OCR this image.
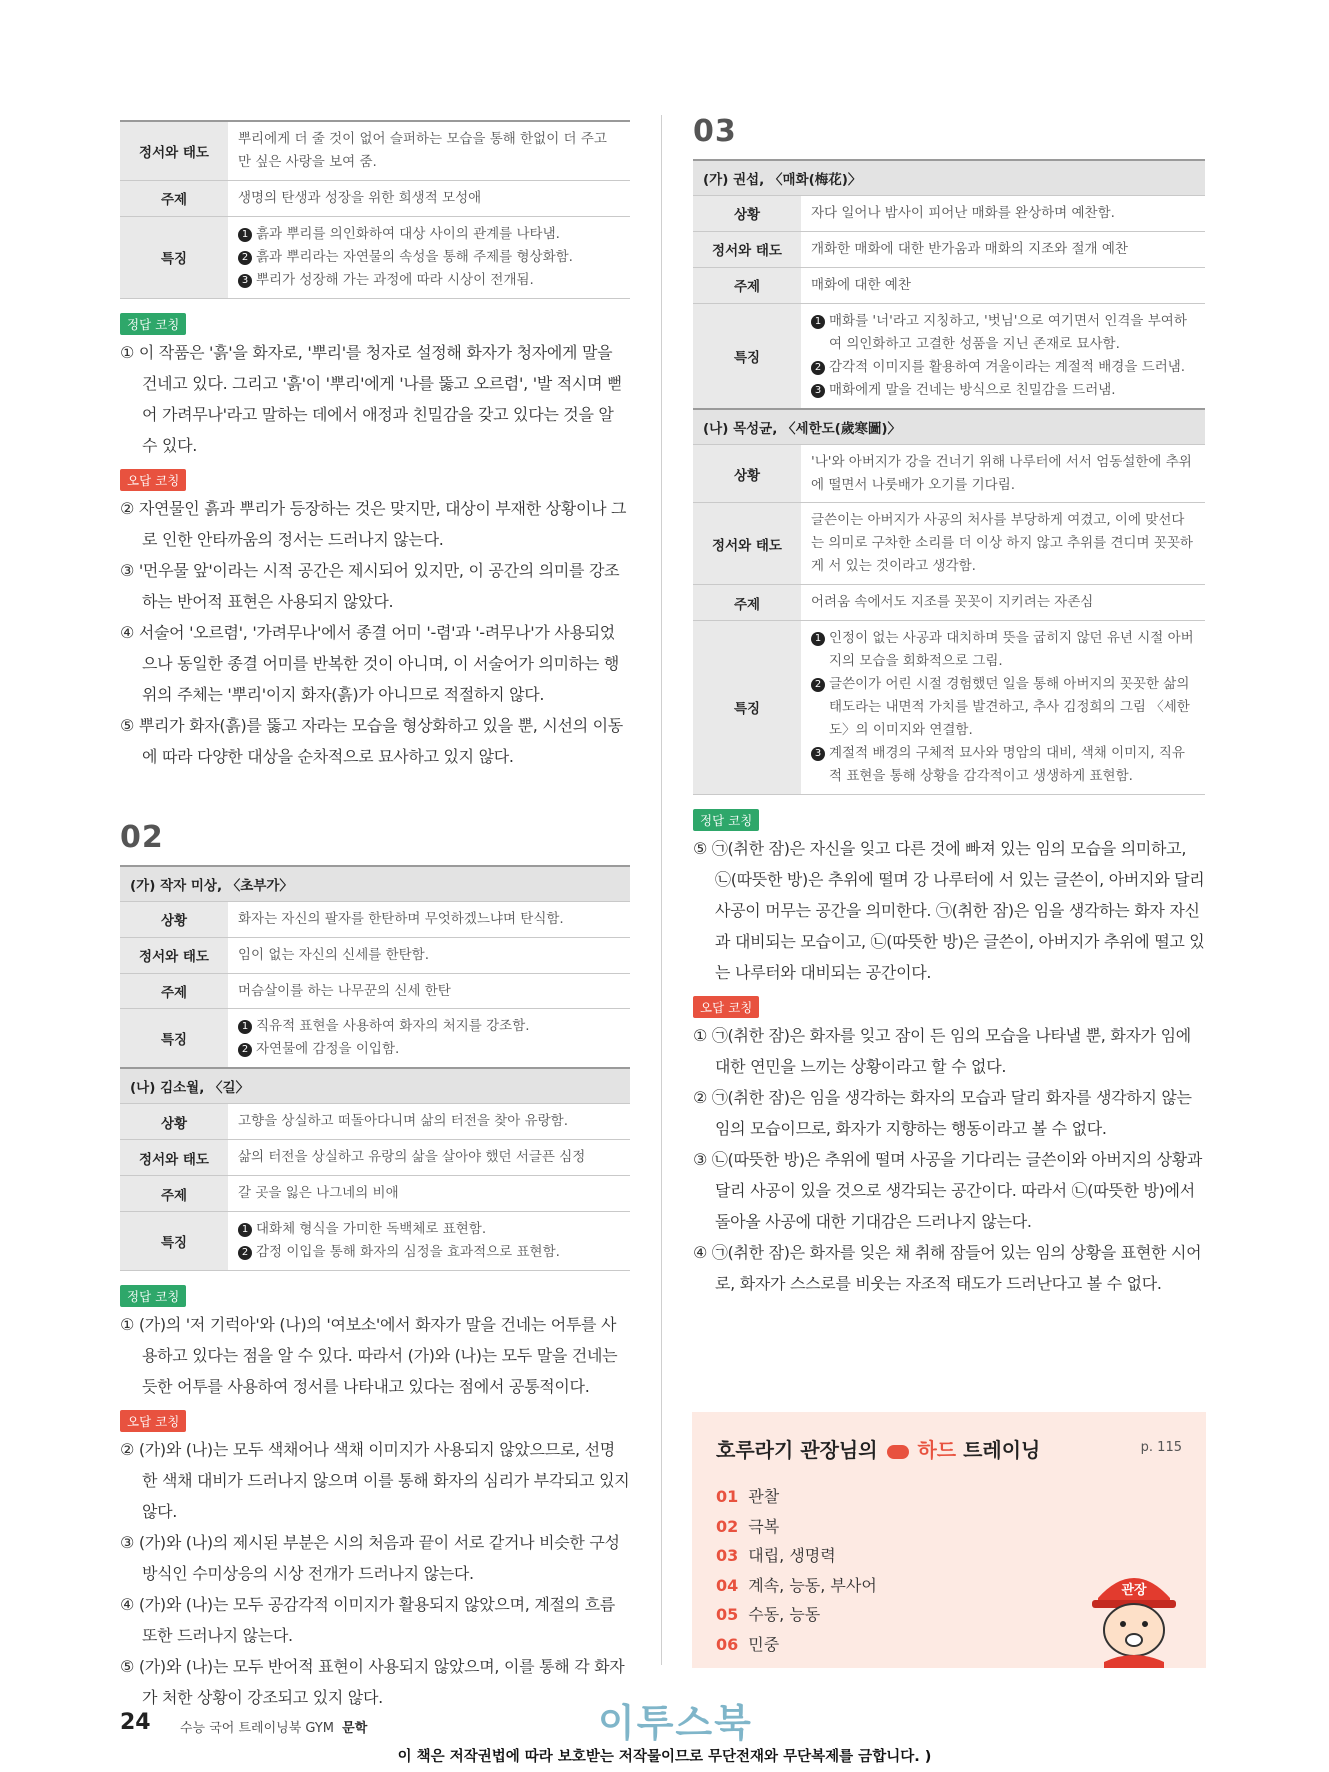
정서와 태도	뿌리에게 더 줄 것이 없어 슬퍼하는 모습을 통해 한없이 더 주고 만 싶은 사랑을 보여 줌.
주제	생명의 탄생과 성장을 위한 희생적 모성애
특징	1 흙과 뿌리를 의인화하여 대상 사이의 관계를 나타냄.
2 흙과 뿌리라는 자연물의 속성을 통해 주제를 형상화함.
3 뿌리가 성장해 가는 과정에 따라 시상이 전개됨.
정답 코칭
① 이 작품은 '흙'을 화자로, '뿌리'를 청자로 설정해 화자가 청자에게 말을 건네고 있다. 그리고 '흙'이 '뿌리'에게 '나를 뚫고 오르렴', '발 적시며 뻗어 가려무나'라고 말하는 데에서 애정과 친밀감을 갖고 있다는 것을 알 수 있다.
오답 코칭
② 자연물인 흙과 뿌리가 등장하는 것은 맞지만, 대상이 부재한 상황이나 그로 인한 안타까움의 정서는 드러나지 않는다.
③ '먼우물 앞'이라는 시적 공간은 제시되어 있지만, 이 공간의 의미를 강조하는 반어적 표현은 사용되지 않았다.
④ 서술어 '오르렴', '가려무나'에서 종결 어미 '-렴'과 '-려무나'가 사용되었으나 동일한 종결 어미를 반복한 것이 아니며, 이 서술어가 의미하는 행위의 주체는 '뿌리'이지 화자(흙)가 아니므로 적절하지 않다.
⑤ 뿌리가 화자(흙)를 뚫고 자라는 모습을 형상화하고 있을 뿐, 시선의 이동에 따라 다양한 대상을 순차적으로 묘사하고 있지 않다.
02
(가) 작자 미상, 〈초부가〉	
상황	화자는 자신의 팔자를 한탄하며 무엇하겠느냐며 탄식함.
정서와 태도	임이 없는 자신의 신세를 한탄함.
주제	머슴살이를 하는 나무꾼의 신세 한탄
특징	1 직유적 표현을 사용하여 화자의 처지를 강조함.
2 자연물에 감정을 이입함.

(나) 김소월, 〈길〉	
상황	고향을 상실하고 떠돌아다니며 삶의 터전을 찾아 유랑함.
정서와 태도	삶의 터전을 상실하고 유랑의 삶을 살아야 했던 서글픈 심정
주제	갈 곳을 잃은 나그네의 비애
특징	1 대화체 형식을 가미한 독백체로 표현함.
2 감정 이입을 통해 화자의 심정을 효과적으로 표현함.
정답 코칭
① (가)의 '저 기럭아'와 (나)의 '여보소'에서 화자가 말을 건네는 어투를 사용하고 있다는 점을 알 수 있다. 따라서 (가)와 (나)는 모두 말을 건네는 듯한 어투를 사용하여 정서를 나타내고 있다는 점에서 공통적이다.
오답 코칭
② (가)와 (나)는 모두 색채어나 색채 이미지가 사용되지 않았으므로, 선명한 색채 대비가 드러나지 않으며 이를 통해 화자의 심리가 부각되고 있지 않다.
③ (가)와 (나)의 제시된 부분은 시의 처음과 끝이 서로 같거나 비슷한 구성 방식인 수미상응의 시상 전개가 드러나지 않는다.
④ (가)와 (나)는 모두 공감각적 이미지가 활용되지 않았으며, 계절의 흐름 또한 드러나지 않는다.
⑤ (가)와 (나)는 모두 반어적 표현이 사용되지 않았으며, 이를 통해 각 화자가 처한 상황이 강조되고 있지 않다.
03
(가) 권섭, 〈매화(梅花)〉	
상황	자다 일어나 밤사이 피어난 매화를 완상하며 예찬함.
정서와 태도	개화한 매화에 대한 반가움과 매화의 지조와 절개 예찬
주제	매화에 대한 예찬
특징	1 매화를 '너'라고 지칭하고, '벗님'으로 여기면서 인격을 부여하여 의인화하고 고결한 성품을 지닌 존재로 묘사함.
2 감각적 이미지를 활용하여 겨울이라는 계절적 배경을 드러냄.
3 매화에게 말을 건네는 방식으로 친밀감을 드러냄.

(나) 목성균, 〈세한도(歲寒圖)〉	
상황	'나'와 아버지가 강을 건너기 위해 나루터에 서서 엄동설한에 추위에 떨면서 나룻배가 오기를 기다림.
정서와 태도	글쓴이는 아버지가 사공의 처사를 부당하게 여겼고, 이에 맞선다는 의미로 구차한 소리를 더 이상 하지 않고 추위를 견디며 꼿꼿하게 서 있는 것이라고 생각함.
주제	어려움 속에서도 지조를 꼿꼿이 지키려는 자존심
특징	1 인정이 없는 사공과 대치하며 뜻을 굽히지 않던 유년 시절 아버지의 모습을 회화적으로 그림.
2 글쓴이가 어린 시절 경험했던 일을 통해 아버지의 꼿꼿한 삶의 태도라는 내면적 가치를 발견하고, 추사 김정희의 그림 〈세한도〉의 이미지와 연결함.
3 계절적 배경의 구체적 묘사와 명암의 대비, 색채 이미지, 직유적 표현을 통해 상황을 감각적이고 생생하게 표현함.
정답 코칭
⑤ ㉠(취한 잠)은 자신을 잊고 다른 것에 빠져 있는 임의 모습을 의미하고, ㉡(따뜻한 방)은 추위에 떨며 강 나루터에 서 있는 글쓴이, 아버지와 달리 사공이 머무는 공간을 의미한다. ㉠(취한 잠)은 임을 생각하는 화자 자신과 대비되는 모습이고, ㉡(따뜻한 방)은 글쓴이, 아버지가 추위에 떨고 있는 나루터와 대비되는 공간이다.
오답 코칭
① ㉠(취한 잠)은 화자를 잊고 잠이 든 임의 모습을 나타낼 뿐, 화자가 임에 대한 연민을 느끼는 상황이라고 할 수 없다.
② ㉠(취한 잠)은 임을 생각하는 화자의 모습과 달리 화자를 생각하지 않는 임의 모습이므로, 화자가 지향하는 행동이라고 볼 수 없다.
③ ㉡(따뜻한 방)은 추위에 떨며 사공을 기다리는 글쓴이와 아버지의 상황과 달리 사공이 있을 것으로 생각되는 공간이다. 따라서 ㉡(따뜻한 방)에서 돌아올 사공에 대한 기대감은 드러나지 않는다.
④ ㉠(취한 잠)은 화자를 잊은 채 취해 잠들어 있는 임의 상황을 표현한 시어로, 화자가 스스로를 비웃는 자조적 태도가 드러난다고 볼 수 없다.
호루라기 관장님의 하드 트레이닝	p. 115
01 관찰
02 극복
03 대립, 생명력
04 계속, 능동, 부사어
05 수동, 능동
06 민중
관장
24 수능 국어 트레이닝북 GYM 문학	이투스북
이 책은 저작권법에 따라 보호받는 저작물이므로 무단전재와 무단복제를 금합니다. )
